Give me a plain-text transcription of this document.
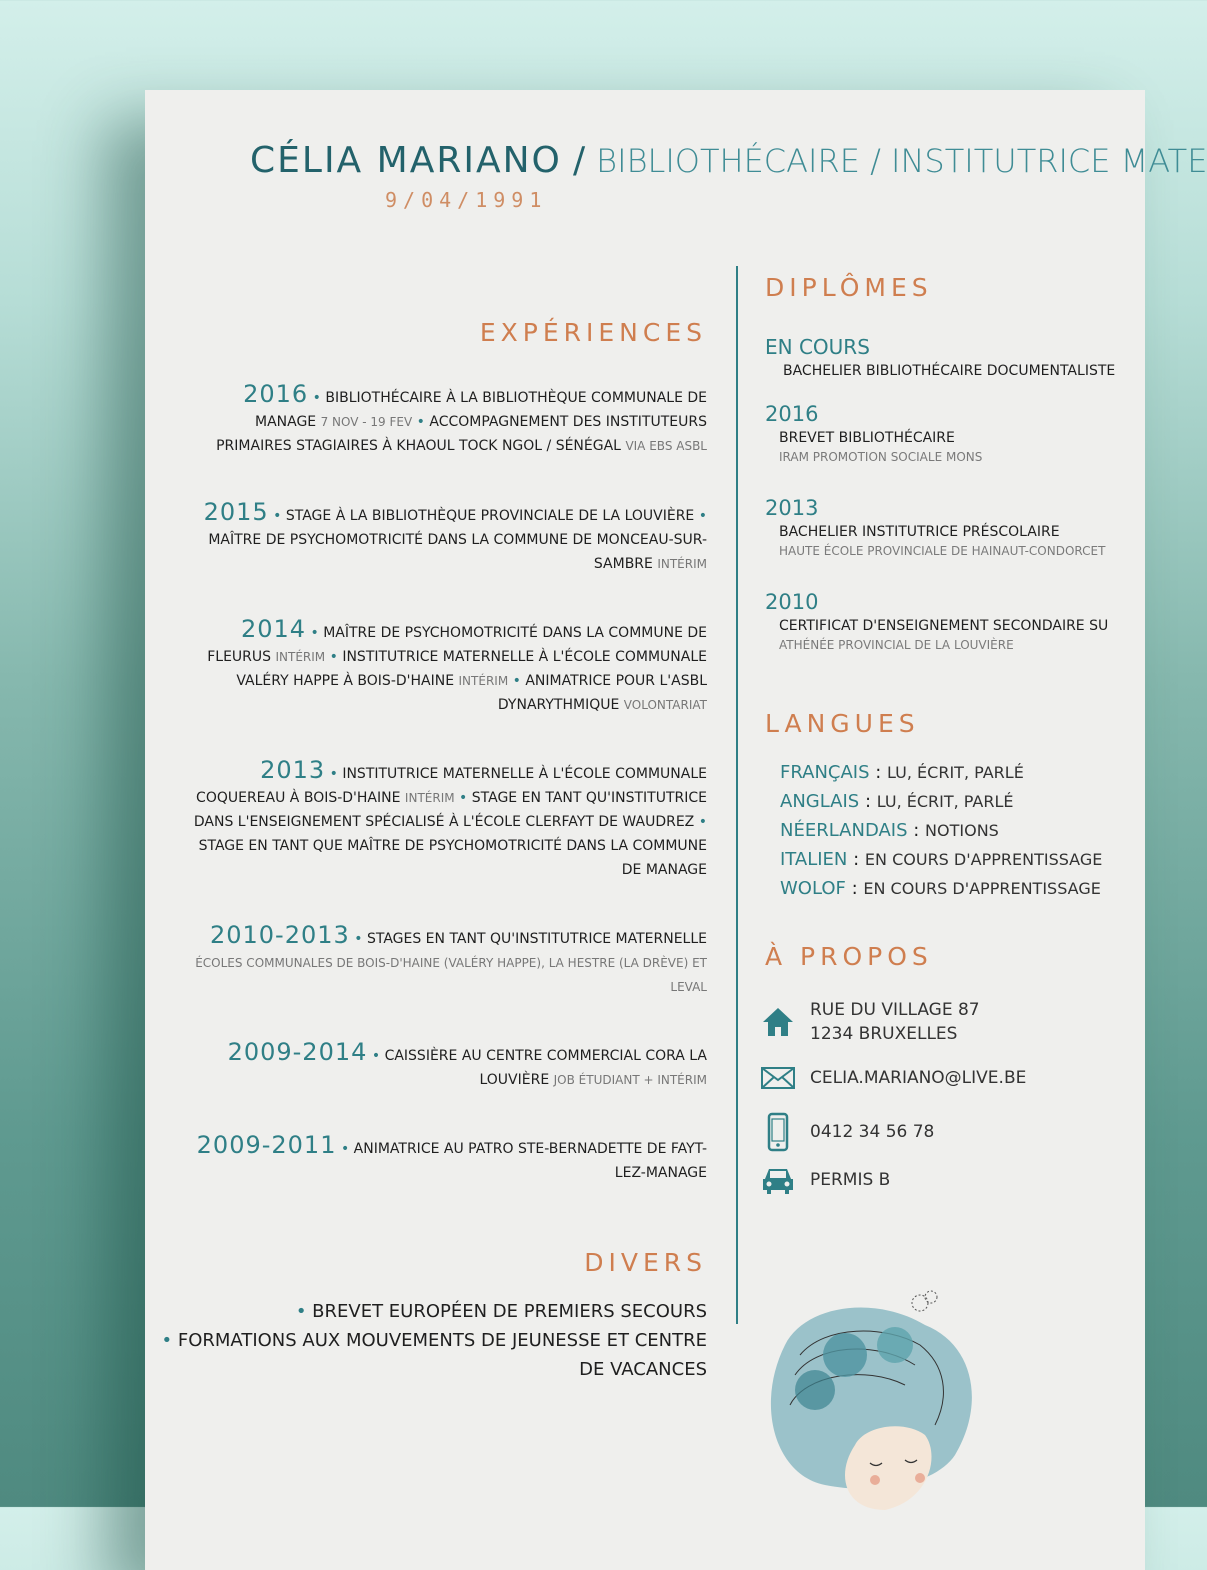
CÉLIA MARIANO / BIBLIOTHÉCAIRE / INSTITUTRICE MATE
9/04/1991
EXPÉRIENCES
2016 • BIBLIOTHÉCAIRE À LA BIBLIOTHÈQUE COMMUNALE DE MANAGE 7 NOV - 19 FEV • ACCOMPAGNEMENT DES INSTITUTEURS PRIMAIRES STAGIAIRES À KHAOUL TOCK NGOL / SÉNÉGAL VIA EBS ASBL
2015 • STAGE À LA BIBLIOTHÈQUE PROVINCIALE DE LA LOUVIÈRE • MAÎTRE DE PSYCHOMOTRICITÉ DANS LA COMMUNE DE MONCEAU-SUR-SAMBRE INTÉRIM
2014 • MAÎTRE DE PSYCHOMOTRICITÉ DANS LA COMMUNE DE FLEURUS INTÉRIM • INSTITUTRICE MATERNELLE À L'ÉCOLE COMMUNALE VALÉRY HAPPE À BOIS-D'HAINE INTÉRIM • ANIMATRICE POUR L'ASBL DYNARYTHMIQUE VOLONTARIAT
2013 • INSTITUTRICE MATERNELLE À L'ÉCOLE COMMUNALE COQUEREAU À BOIS-D'HAINE INTÉRIM • STAGE EN TANT QU'INSTITUTRICE DANS L'ENSEIGNEMENT SPÉCIALISÉ À L'ÉCOLE CLERFAYT DE WAUDREZ • STAGE EN TANT QUE MAÎTRE DE PSYCHOMOTRICITÉ DANS LA COMMUNE DE MANAGE
2010-2013 • STAGES EN TANT QU'INSTITUTRICE MATERNELLE ÉCOLES COMMUNALES DE BOIS-D'HAINE (VALÉRY HAPPE), LA HESTRE (LA DRÈVE) ET LEVAL
2009-2014 • CAISSIÈRE AU CENTRE COMMERCIAL CORA LA LOUVIÈRE JOB ÉTUDIANT + INTÉRIM
2009-2011 • ANIMATRICE AU PATRO STE-BERNADETTE DE FAYT-LEZ-MANAGE
DIVERS
• BREVET EUROPÉEN DE PREMIERS SECOURS
• FORMATIONS AUX MOUVEMENTS DE JEUNESSE ET CENTRE DE VACANCES
DIPLÔMES
EN COURS
BACHELIER BIBLIOTHÉCAIRE DOCUMENTALISTE
2016
BREVET BIBLIOTHÉCAIRE
IRAM PROMOTION SOCIALE MONS
2013
BACHELIER INSTITUTRICE PRÉSCOLAIRE
HAUTE ÉCOLE PROVINCIALE DE HAINAUT-CONDORCET
2010
CERTIFICAT D'ENSEIGNEMENT SECONDAIRE SU
ATHÉNÉE PROVINCIAL DE LA LOUVIÈRE
LANGUES
FRANÇAIS : LU, ÉCRIT, PARLÉ
ANGLAIS : LU, ÉCRIT, PARLÉ
NÉERLANDAIS : NOTIONS
ITALIEN : EN COURS D'APPRENTISSAGE
WOLOF : EN COURS D'APPRENTISSAGE
À PROPOS
RUE DU VILLAGE 87
1234 BRUXELLES
CELIA.MARIANO@LIVE.BE
0412 34 56 78
PERMIS B
